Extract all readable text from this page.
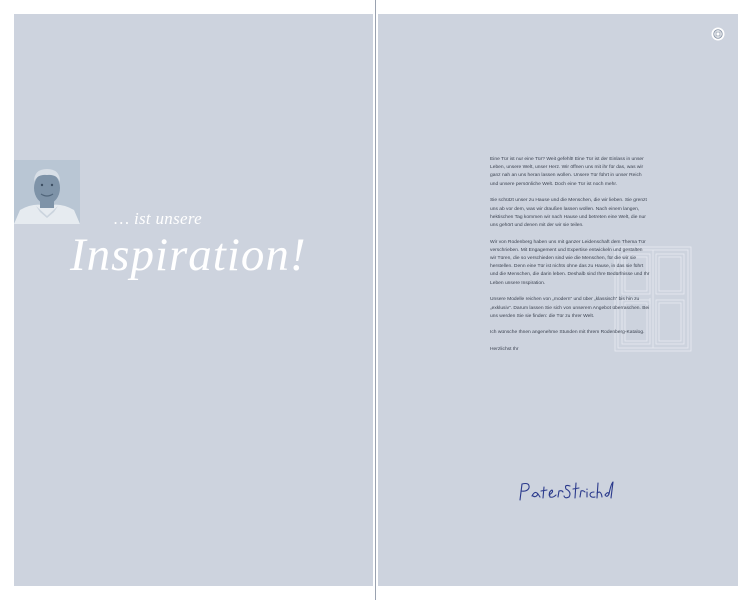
… ist unsere
Inspiration!

Eine Tür ist nur eine Tür? Weit gefehlt! Eine Tür ist der Einlass in unser Leben, unsere Welt, unser Herz. Wir öffnen uns mit ihr für das, was wir ganz nah an uns heran lassen wollen. Unsere Tür führt in unser Reich und unsere persönliche Welt. Doch eine Tür ist noch mehr.

Sie schützt unser zu Hause und die Menschen, die wir lieben. Sie grenzt uns ab vor dem, was wir draußen lassen wollen. Nach einem langen, hektischen Tag kommen wir nach Hause und betreten eine Welt, die nur uns gehört und denen mit der wir sie teilen.

Wir von Rodenberg haben uns mit ganzer Leidenschaft dem Thema Tür verschrieben. Mit Engagement und Expertise entwickeln und gestalten wir Türen, die so verschieden sind wie die Menschen, für die wir sie herstellen. Denn eine Tür ist nichts ohne das zu Hause, in das sie führt und die Menschen, die darin leben. Deshalb sind Ihre Bedürfnisse und Ihr Leben unsere Inspiration.

Unsere Modelle reichen von „modern“ und über „klassisch“ bis hin zu „exklusiv“. Darum lassen Sie sich von unserem Angebot überraschen. Bei uns werden Sie sie finden: die Tür zu Ihrer Welt.

Ich wünsche Ihnen angenehme Stunden mit Ihrem Rodenberg-Katalog.

Herzlichst Ihr
